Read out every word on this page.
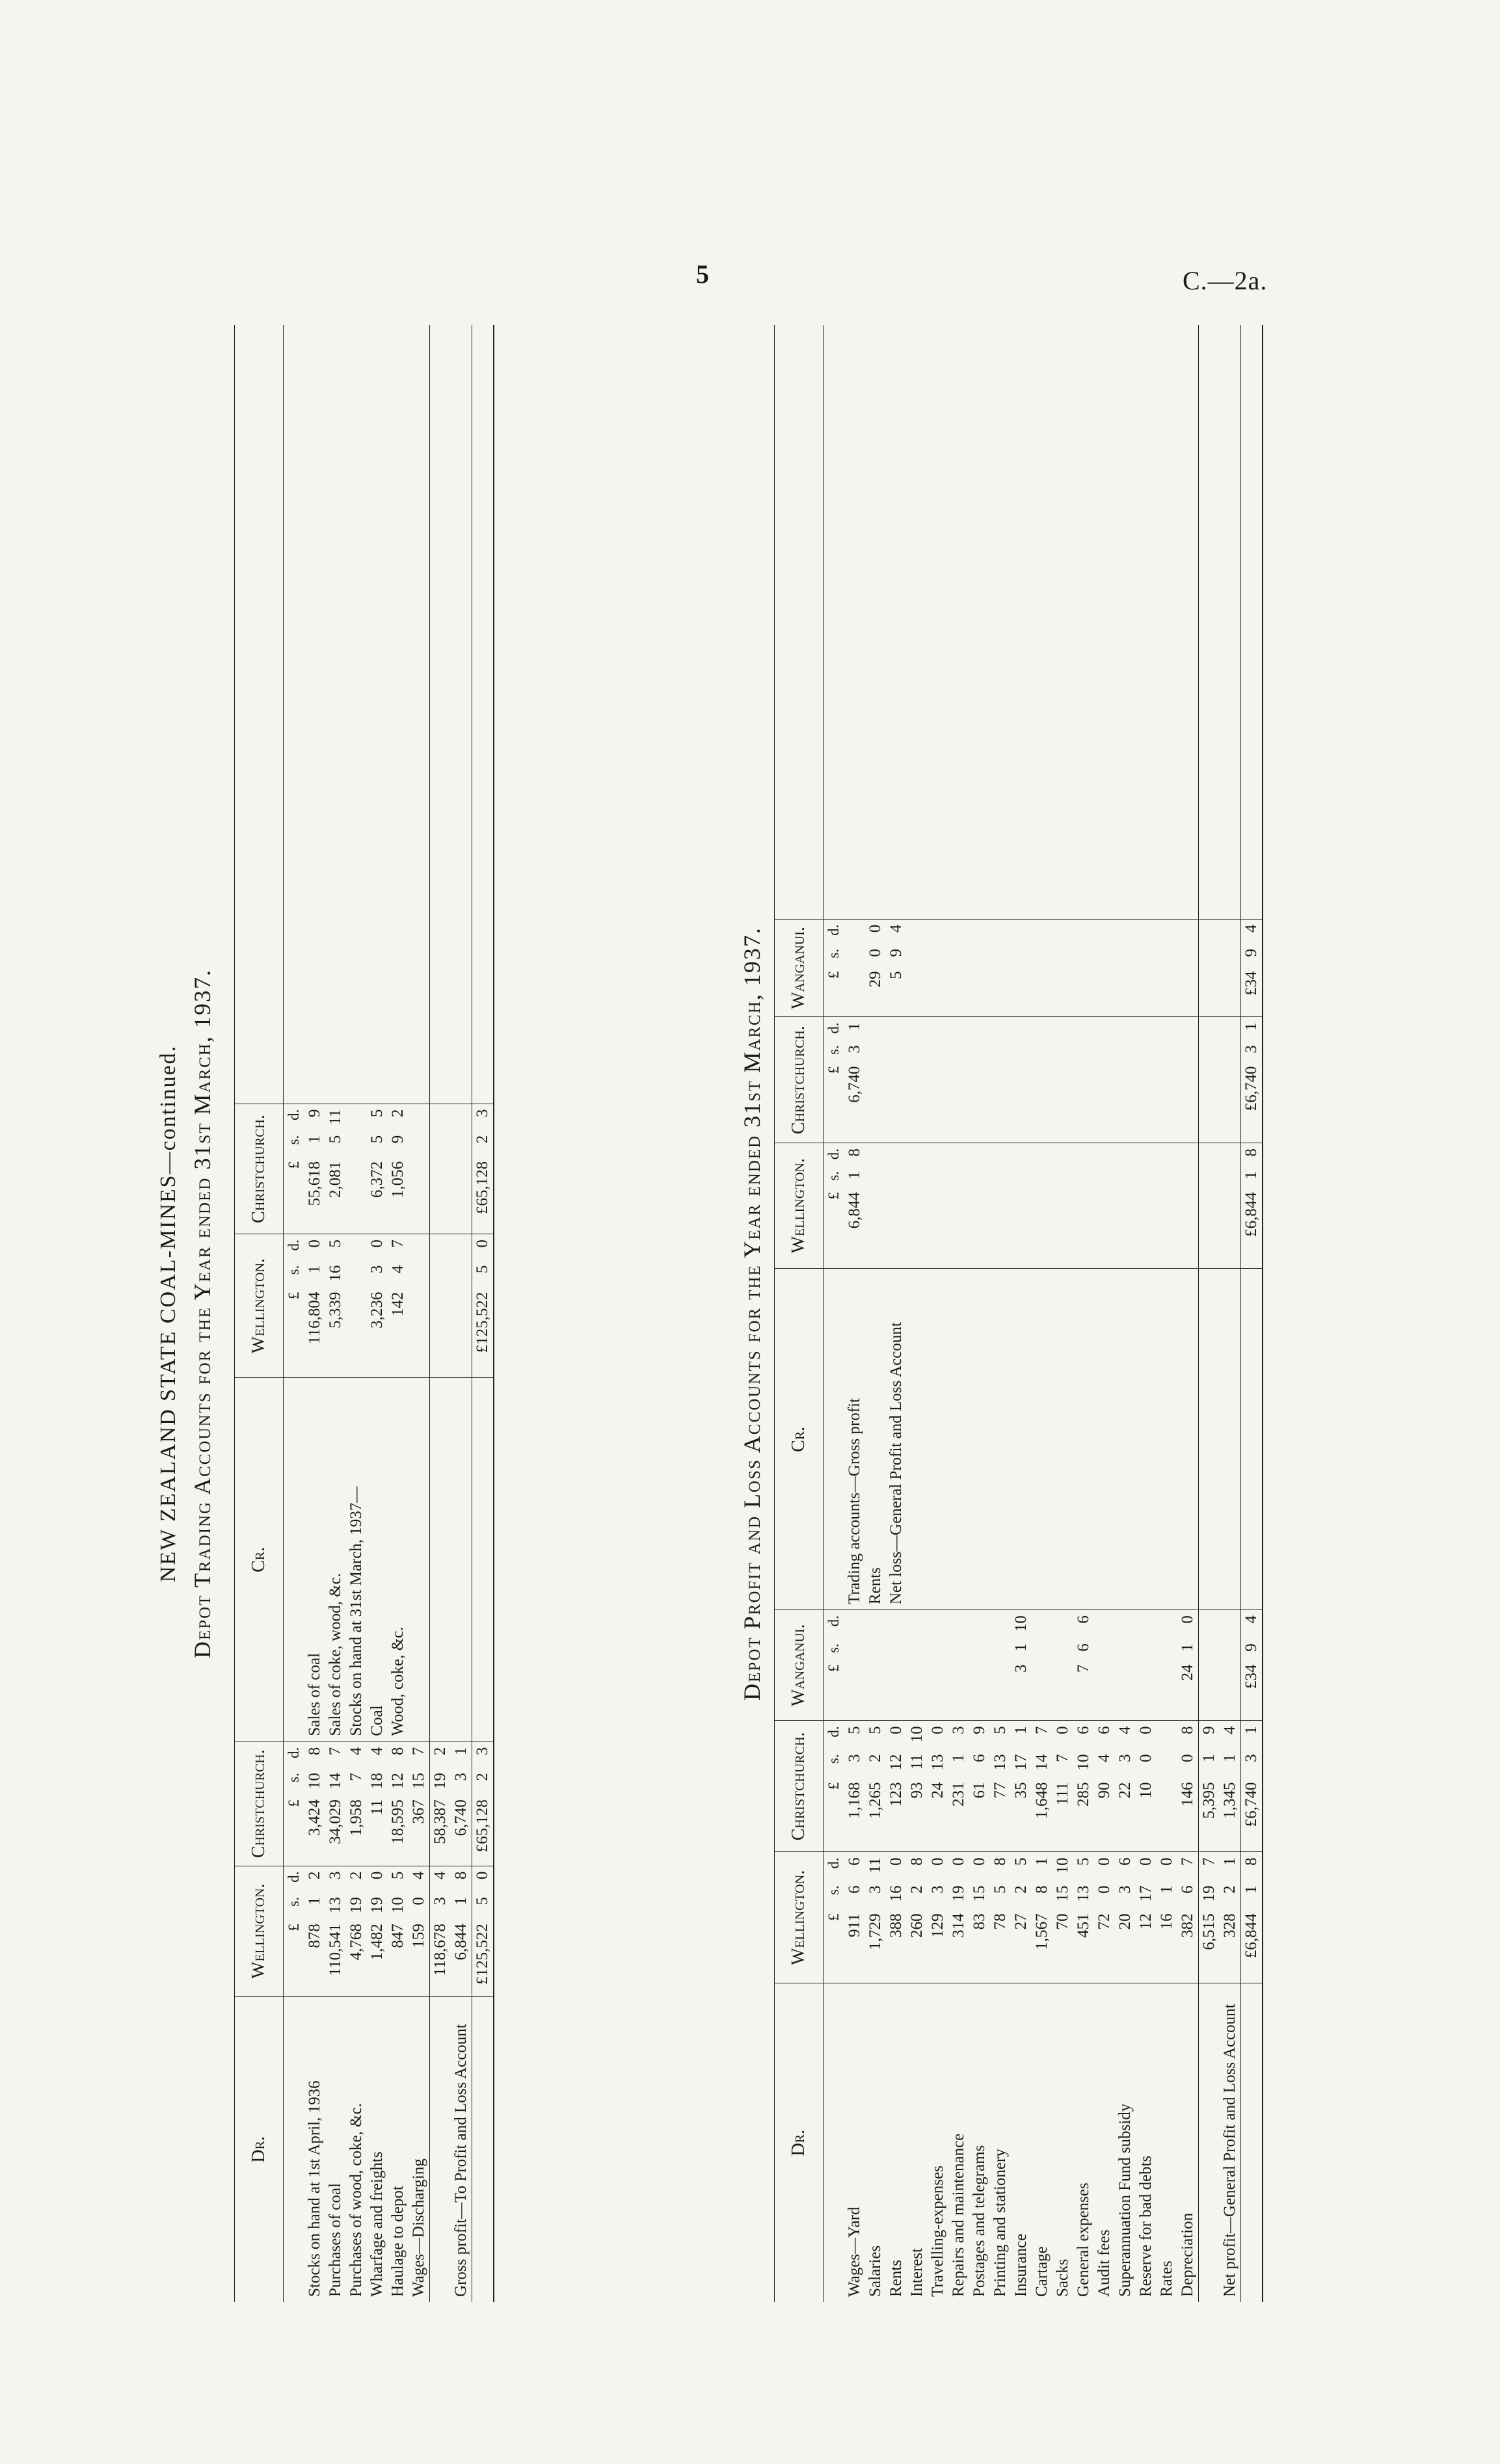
5	C.—2a.
NEW ZEALAND STATE COAL-MINES—continued. Depot Trading Accounts for the Year ended 31st March, 1937.
Dr.	Wellington.			Christchurch.			Cr.	Wellington.			Christchurch.			
	£	s.	d.	£	s.	d.		£	s.	d.	£	s.	d.	
Stocks on hand at 1st April, 1936	878	1	2	3,424	10	8	Sales of coal	116,804	1	0	55,618	1	9	
Purchases of coal	110,541	13	3	34,029	14	7	Sales of coke, wood, &c.	5,339	16	5	2,081	5	11	
Purchases of wood, coke, &c.	4,768	19	2	1,958	7	4	Stocks on hand at 31st March, 1937—							
Wharfage and freights	1,482	19	0	11	18	4	Coal	3,236	3	0	6,372	5	5	
Haulage to depot	847	10	5	18,595	12	8	Wood, coke, &c.	142	4	7	1,056	9	2	
Wages—Discharging	159	0	4	367	15	7								
	118,678	3	4	58,387	19	2								
Gross profit—To Profit and Loss Account	6,844	1	8	6,740	3	1								
	£125,522	5	0	£65,128	2	3		£125,522	5	0	£65,128	2	3		Depot Profit and Loss Accounts for the Year ended 31st March, 1937.
Dr.	Wellington.			Christchurch.			Wanganui.			Cr.	Wellington.			Christchurch.			Wanganui.			
	£	s.	d.	£	s.	d.	£	s.	d.		£	s.	d.	£	s.	d.	£	s.	d.	
Wages—Yard	911	6	6	1,168	3	5				Trading accounts—Gross profit	6,844	1	8	6,740	3	1				
Salaries	1,729	3	11	1,265	2	5				Rents							29	0	0	
Rents	388	16	0	123	12	0				Net loss—General Profit and Loss Account							5	9	4	
Interest	260	2	8	93	11	10														
Travelling-expenses	129	3	0	24	13	0														
Repairs and maintenance	314	19	0	231	1	3														
Postages and telegrams	83	15	0	61	6	9														
Printing and stationery	78	5	8	77	13	5														
Insurance	27	2	5	35	17	1	3	1	10											
Cartage	1,567	8	1	1,648	14	7														
Sacks	70	15	10	111	7	0														
General expenses	451	13	5	285	10	6	7	6	6											
Audit fees	72	0	0	90	4	6														
Superannuation Fund subsidy	20	3	6	22	3	4														
Reserve for bad debts	12	17	0	10	0	0														
Rates	16	1	0																	
Depreciation	382	6	7	146	0	8	24	1	0											
	6,515	19	7	5,395	1	9														
Net profit—General Profit and Loss Account	328	2	1	1,345	1	4														
	£6,844	1	8	£6,740	3	1	£34	9	4		£6,844	1	8	£6,740	3	1	£34	9	4	
